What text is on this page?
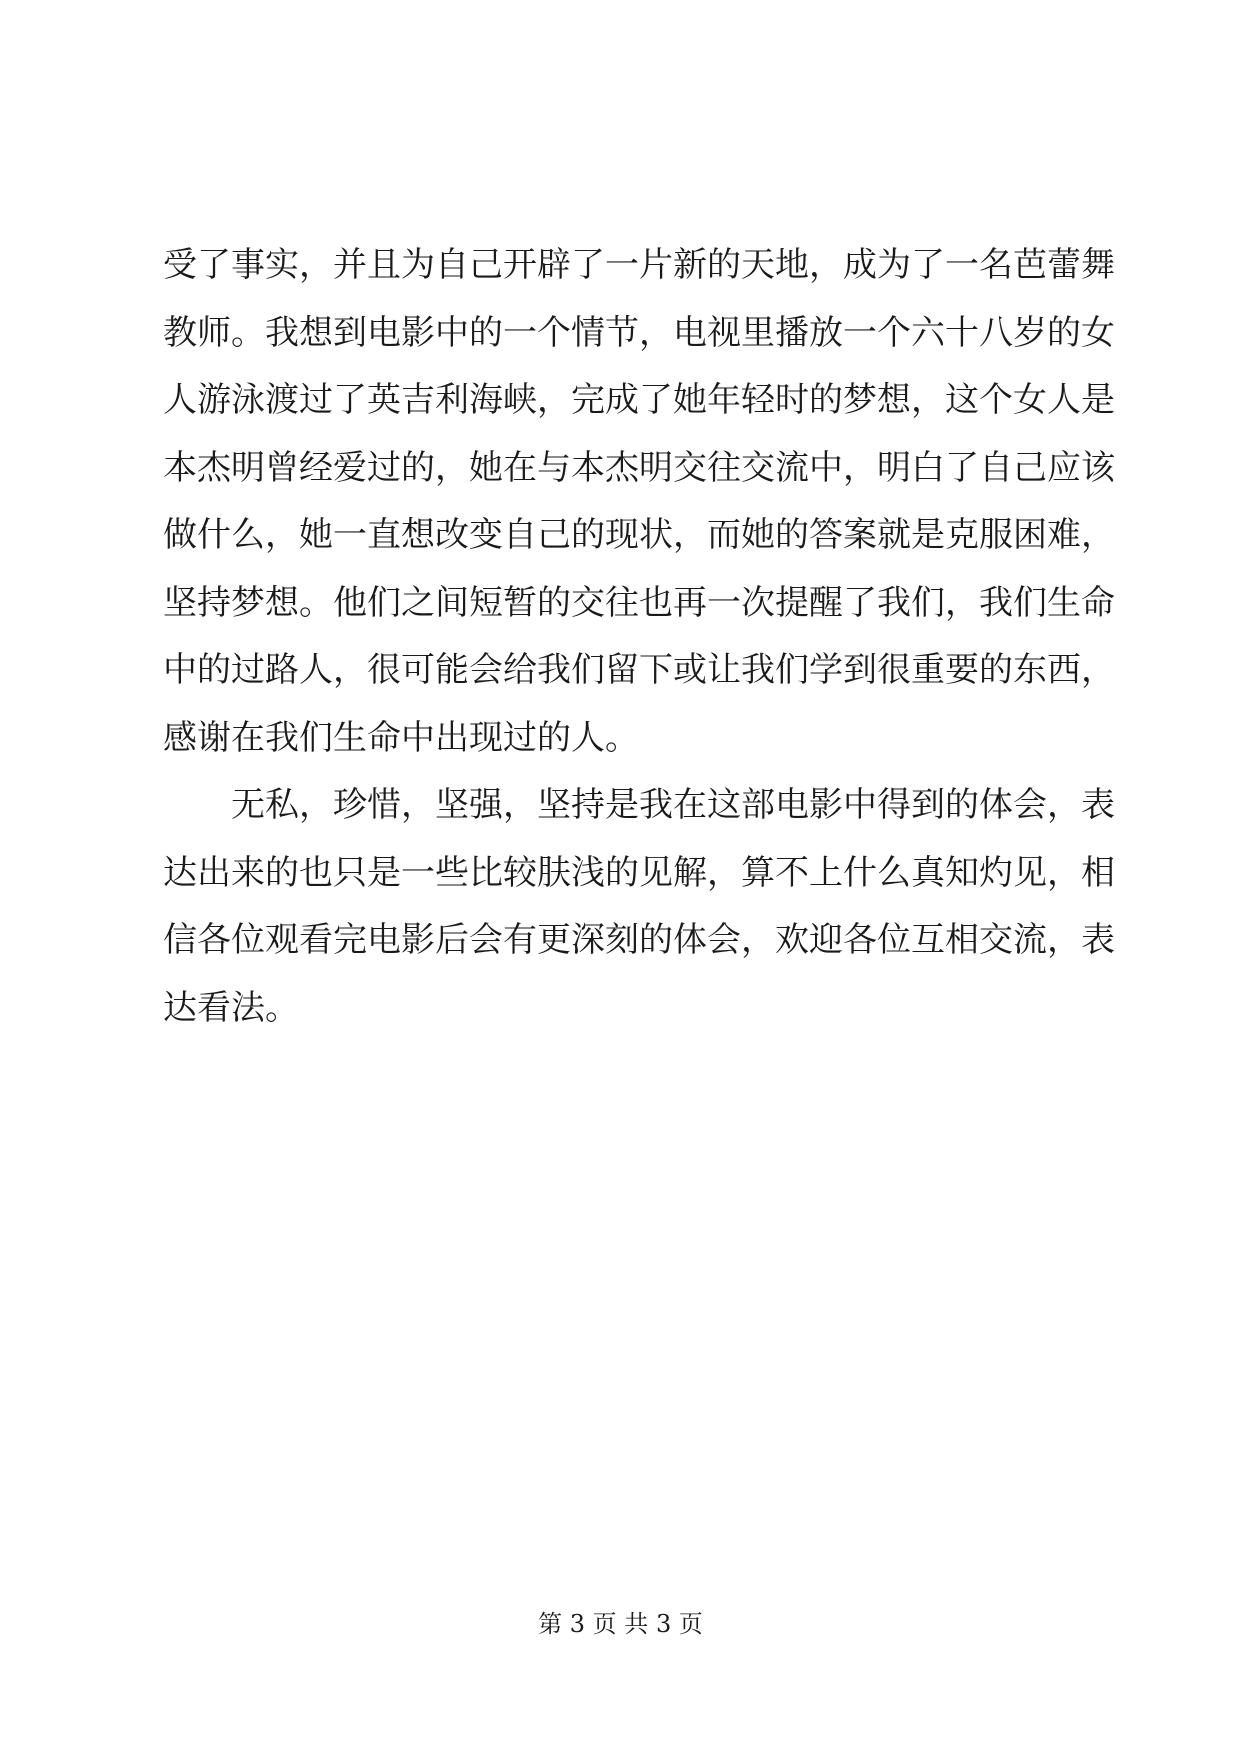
受了事实，并且为自己开辟了一片新的天地，成为了一名芭蕾舞
教师。我想到电影中的一个情节，电视里播放一个六十八岁的女
人游泳渡过了英吉利海峡，完成了她年轻时的梦想，这个女人是
本杰明曾经爱过的，她在与本杰明交往交流中，明白了自己应该
做什么，她一直想改变自己的现状，而她的答案就是克服困难，
坚持梦想。他们之间短暂的交往也再一次提醒了我们，我们生命
中的过路人，很可能会给我们留下或让我们学到很重要的东西，
感谢在我们生命中出现过的人。
无私，珍惜，坚强，坚持是我在这部电影中得到的体会，表
达出来的也只是一些比较肤浅的见解，算不上什么真知灼见，相
信各位观看完电影后会有更深刻的体会，欢迎各位互相交流，表
达看法。
第 3 页 共 3 页
